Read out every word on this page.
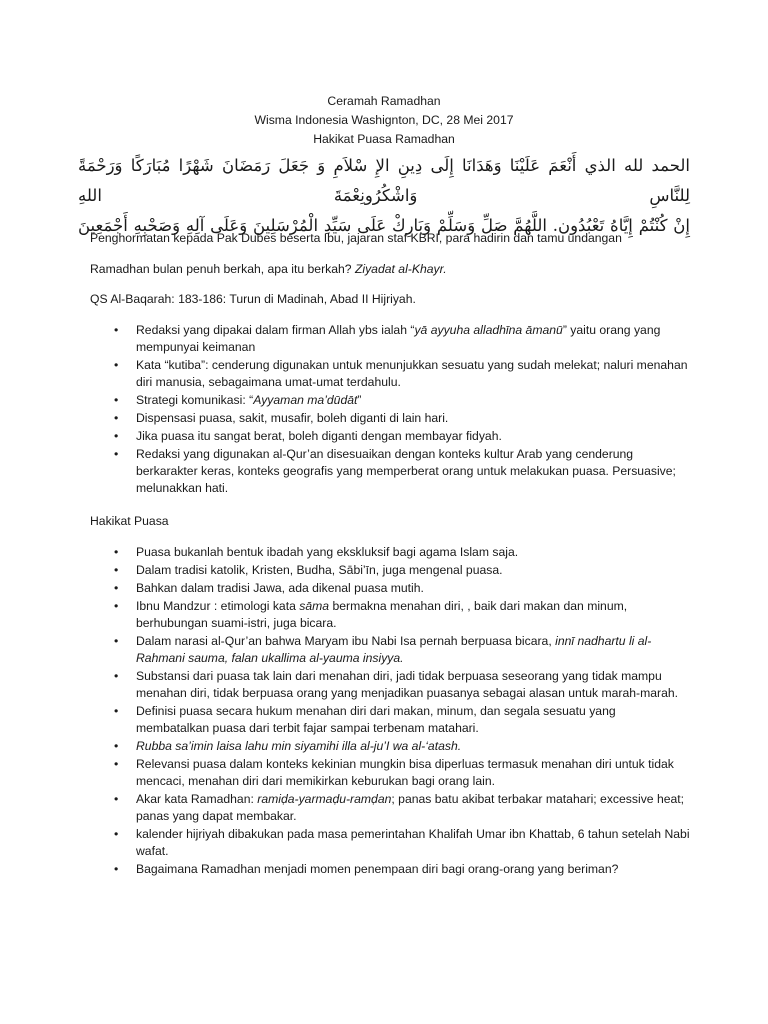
Ceramah Ramadhan
Wisma Indonesia Washignton, DC, 28 Mei 2017
Hakikat Puasa Ramadhan
الحمد لله الذي أَنْعَمَ عَلَيْنَا وَهَدَانَا إِلَى دِينِ الإِ سْلاَمِ وَ جَعَلَ رَمَضَانَ شَهْرًا مُبَارَكًا وَرَحْمَةً لِلنَّاسِ وَاشْكُرُونِعْمَةَ اللهِ
إِنْ كُنْتُمْ إِيَّاهُ تَعْبُدُون. اللَّهُمَّ صَلِّ وَسَلِّمْ وَبَارِكْ عَلَى سَيِّدِ الْمُرْسَلِينَ وَعَلَى آلِهِ وَصَحْبِهِ أَجْمَعِينَ

Penghormatan kepada Pak Dubes beserta Ibu, jajaran staf KBRI, para hadirin dan tamu undangan

Ramadhan bulan penuh berkah, apa itu berkah? Ziyadat al-Khayr.

QS Al-Baqarah: 183-186: Turun di Madinah, Abad II Hijriyah.

• Redaksi yang dipakai dalam firman Allah ybs ialah “yā ayyuha alladhīna āmanū” yaitu orang yang mempunyai keimanan
• Kata “kutiba”: cenderung digunakan untuk menunjukkan sesuatu yang sudah melekat; naluri menahan diri manusia, sebagaimana umat-umat terdahulu.
• Strategi komunikasi: “Ayyaman ma’dūdāt”
• Dispensasi puasa, sakit, musafir, boleh diganti di lain hari.
• Jika puasa itu sangat berat, boleh diganti dengan membayar fidyah.
• Redaksi yang digunakan al-Qur’an disesuaikan dengan konteks kultur Arab yang cenderung berkarakter keras, konteks geografis yang memperberat orang untuk melakukan puasa. Persuasive; melunakkan hati.

Hakikat Puasa

• Puasa bukanlah bentuk ibadah yang ekskluksif bagi agama Islam saja.
• Dalam tradisi katolik, Kristen, Budha, Sābi’īn, juga mengenal puasa.
• Bahkan dalam tradisi Jawa, ada dikenal puasa mutih.
• Ibnu Mandzur : etimologi kata sāma bermakna menahan diri, , baik dari makan dan minum, berhubungan suami-istri, juga bicara.
• Dalam narasi al-Qur’an bahwa Maryam ibu Nabi Isa pernah berpuasa bicara, innī nadhartu li al-Rahmani sauma, falan ukallima al-yauma insiyya.
• Substansi dari puasa tak lain dari menahan diri, jadi tidak berpuasa seseorang yang tidak mampu menahan diri, tidak berpuasa orang yang menjadikan puasanya sebagai alasan untuk marah-marah.
• Definisi puasa secara hukum menahan diri dari makan, minum, dan segala sesuatu yang membatalkan puasa dari terbit fajar sampai terbenam matahari.
• Rubba sa’imin laisa lahu min siyamihi illa al-ju’I wa al-‘atash.
• Relevansi puasa dalam konteks kekinian mungkin bisa diperluas termasuk menahan diri untuk tidak mencaci, menahan diri dari memikirkan keburukan bagi orang lain.
• Akar kata Ramadhan: ramiḍa-yarmaḍu-ramḍan; panas batu akibat terbakar matahari; excessive heat; panas yang dapat membakar.
• kalender hijriyah dibakukan pada masa pemerintahan Khalifah Umar ibn Khattab, 6 tahun setelah Nabi wafat.
• Bagaimana Ramadhan menjadi momen penempaan diri bagi orang-orang yang beriman?
